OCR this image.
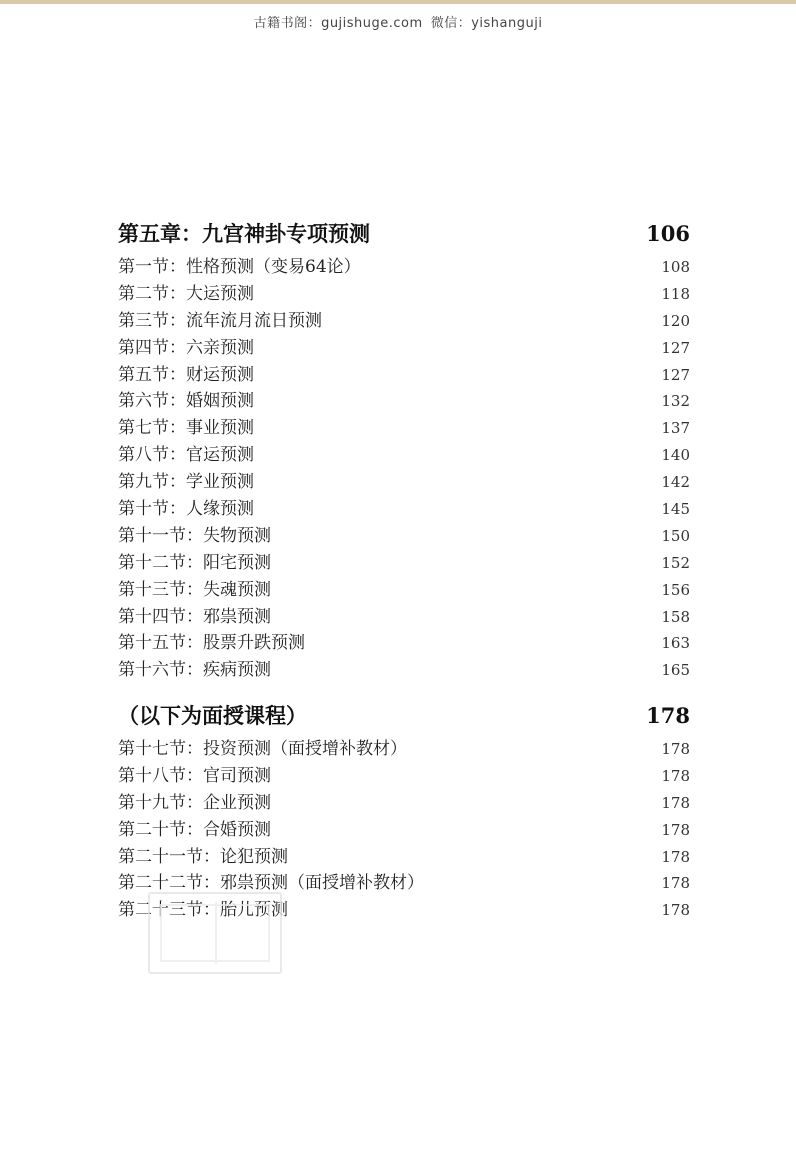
古籍书阁：gujishuge.com 微信：yishanguji
第五章：九宫神卦专项预测	106
第一节：性格预测（变易64论）	108
第二节：大运预测	118
第三节：流年流月流日预测	120
第四节：六亲预测	127
第五节：财运预测	127
第六节：婚姻预测	132
第七节：事业预测	137
第八节：官运预测	140
第九节：学业预测	142
第十节：人缘预测	145
第十一节：失物预测	150
第十二节：阳宅预测	152
第十三节：失魂预测	156
第十四节：邪祟预测	158
第十五节：股票升跌预测	163
第十六节：疾病预测	165
（以下为面授课程）	178
第十七节：投资预测（面授增补教材）	178
第十八节：官司预测	178
第十九节：企业预测	178
第二十节：合婚预测	178
第二十一节：论犯预测	178
第二十二节：邪祟预测（面授增补教材）	178
第二十三节：胎儿预测	178
